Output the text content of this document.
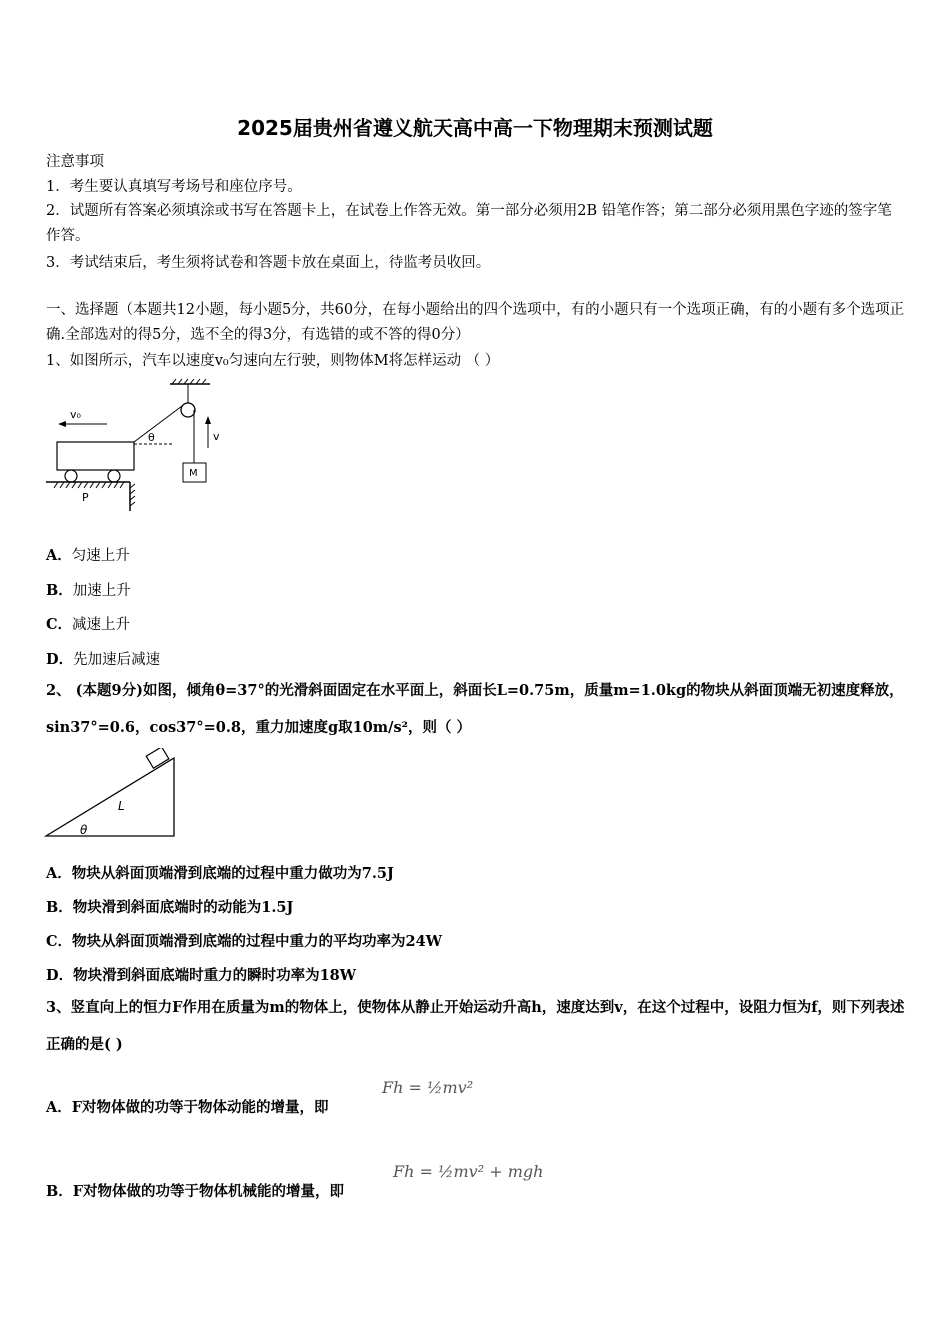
2025届贵州省遵义航天高中高一下物理期末预测试题
注意事项
1．考生要认真填写考场号和座位序号。
2．试题所有答案必须填涂或书写在答题卡上，在试卷上作答无效。第一部分必须用2B 铅笔作答；第二部分必须用黑色字迹的签字笔作答。
3．考试结束后，考生须将试卷和答题卡放在桌面上，待监考员收回。
一、选择题（本题共12小题，每小题5分，共60分，在每小题给出的四个选项中，有的小题只有一个选项正确，有的小题有多个选项正确.全部选对的得5分，选不全的得3分，有选错的或不答的得0分）
1、如图所示，汽车以速度v₀匀速向左行驶，则物体M将怎样运动 （ ）
M
v
θ
v₀
P
A．匀速上升
B．加速上升
C．减速上升
D．先加速后减速
2、 (本题9分)如图，倾角θ=37°的光滑斜面固定在水平面上，斜面长L=0.75m，质量m=1.0kg的物块从斜面顶端无初速度释放，sin37°=0.6，cos37°=0.8，重力加速度g取10m/s²，则（ ）
L
θ
A．物块从斜面顶端滑到底端的过程中重力做功为7.5J
B．物块滑到斜面底端时的动能为1.5J
C．物块从斜面顶端滑到底端的过程中重力的平均功率为24W
D．物块滑到斜面底端时重力的瞬时功率为18W
3、竖直向上的恒力F作用在质量为m的物体上，使物体从静止开始运动升高h，速度达到v，在这个过程中，设阻力恒为f，则下列表述正确的是( )
A．F对物体做的功等于物体动能的增量，即
Fh = ½mv²
B．F对物体做的功等于物体机械能的增量，即
Fh = ½mv² + mgh
